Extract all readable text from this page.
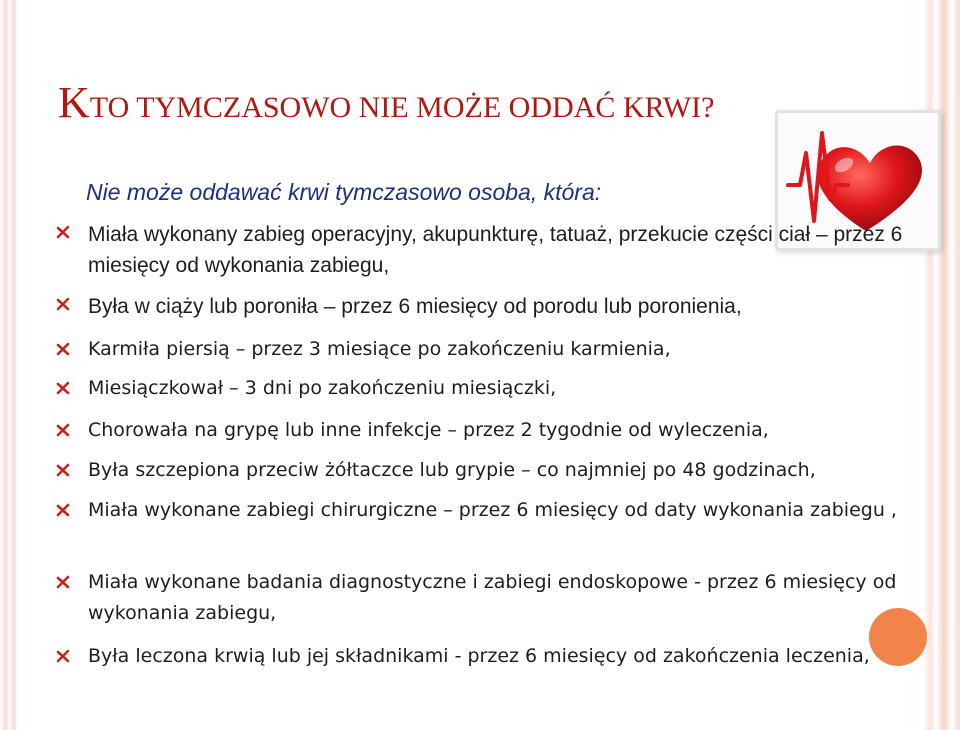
KTO TYMCZASOWO NIE MOŻE ODDAĆ KRWI?
Nie może oddawać krwi tymczasowo osoba, która:
Miała wykonany zabieg operacyjny, akupunkturę, tatuaż, przekucie części ciał – przez 6 miesięcy od wykonania zabiegu,
Była w ciąży lub poroniła – przez 6 miesięcy od porodu lub poronienia,
Karmiła piersią – przez 3 miesiące po zakończeniu karmienia,
Miesiączkował – 3 dni po zakończeniu miesiączki,
Chorowała na grypę lub inne infekcje – przez 2 tygodnie od wyleczenia,
Była szczepiona przeciw żółtaczce lub grypie – co najmniej po 48 godzinach,
Miała wykonane zabiegi chirurgiczne – przez 6 miesięcy od daty wykonania zabiegu ,
Miała wykonane badania diagnostyczne i zabiegi endoskopowe - przez 6 miesięcy od wykonania zabiegu,
Była leczona krwią lub jej składnikami - przez 6 miesięcy od zakończenia leczenia,
